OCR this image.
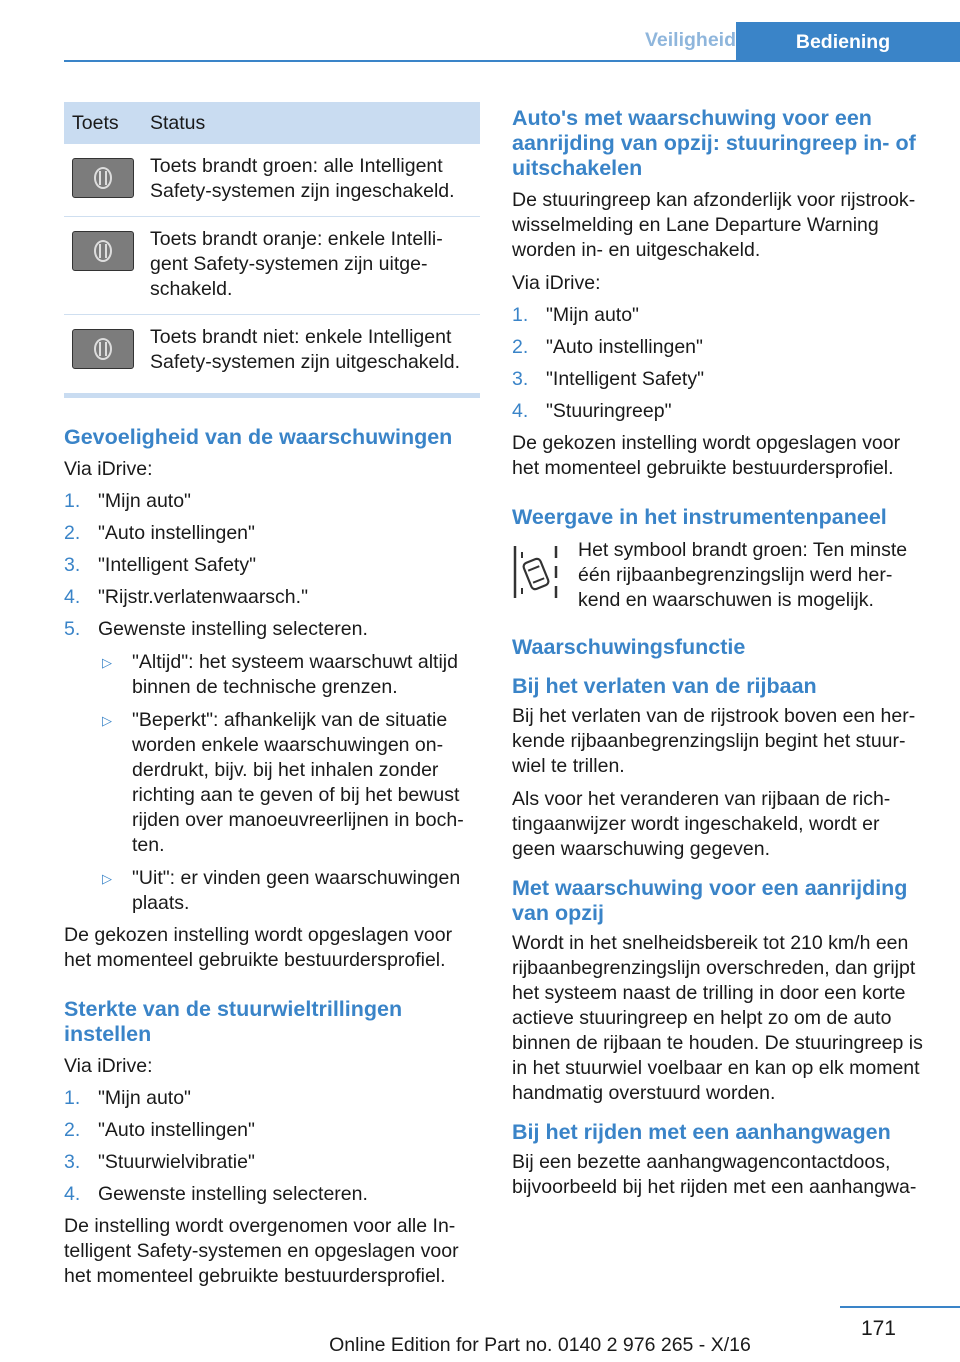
Veiligheid	Bediening
Toets	Status

	Toets brandt groen: alle Intelligent Safety-systemen zijn ingeschakeld.

	Toets brandt oranje: enkele Intelligent Safety-systemen zijn uitgeschakeld.

	Toets brandt niet: enkele Intelligent Safety-systemen zijn uitgeschakeld.
Gevoeligheid van de waarschuwingen

Via iDrive:

1. "Mijn auto"
2. "Auto instellingen"
3. "Intelligent Safety"
4. "Rijstr.verlatenwaarsch."
5. Gewenste instelling selecteren.
▷ "Altijd": het systeem waarschuwt altijd binnen de technische grenzen.
▷ "Beperkt": afhankelijk van de situatie worden enkele waarschuwingen onderdrukt, bijv. bij het inhalen zonder richting aan te geven of bij het bewust rijden over manoeuvreerlijnen in bochten.
▷ "Uit": er vinden geen waarschuwingen plaats.

De gekozen instelling wordt opgeslagen voor het momenteel gebruikte bestuurdersprofiel.

Sterkte van de stuurwieltrillingen instellen

Via iDrive:

1. "Mijn auto"
2. "Auto instellingen"
3. "Stuurwielvibratie"
4. Gewenste instelling selecteren.

De instelling wordt overgenomen voor alle Intelligent Safety-systemen en opgeslagen voor het momenteel gebruikte bestuurdersprofiel.

Auto's met waarschuwing voor een aanrijding van opzij: stuuringreep in- of uitschakelen

De stuuringreep kan afzonderlijk voor rijstrookwisselmelding en Lane Departure Warning worden in- en uitgeschakeld.

Via iDrive:

1. "Mijn auto"
2. "Auto instellingen"
3. "Intelligent Safety"
4. "Stuuringreep"

De gekozen instelling wordt opgeslagen voor het momenteel gebruikte bestuurdersprofiel.

Weergave in het instrumentenpaneel

Het symbool brandt groen: Ten minste één rijbaanbegrenzingslijn werd herkend en waarschuwen is mogelijk.

Waarschuwingsfunctie
Bij het verlaten van de rijbaan

Bij het verlaten van de rijstrook boven een herkende rijbaanbegrenzingslijn begint het stuurwiel te trillen.

Als voor het veranderen van rijbaan de richtingaanwijzer wordt ingeschakeld, wordt er geen waarschuwing gegeven.

Met waarschuwing voor een aanrijding van opzij

Wordt in het snelheidsbereik tot 210 km/h een rijbaanbegrenzingslijn overschreden, dan grijpt het systeem naast de trilling in door een korte actieve stuuringreep en helpt zo om de auto binnen de rijbaan te houden. De stuuringreep is in het stuurwiel voelbaar en kan op elk moment handmatig overstuurd worden.

Bij het rijden met een aanhangwagen

Bij een bezette aanhangwagencontactdoos, bijvoorbeeld bij het rijden met een aanhangwa-

171
Online Edition for Part no. 0140 2 976 265 - X/16
